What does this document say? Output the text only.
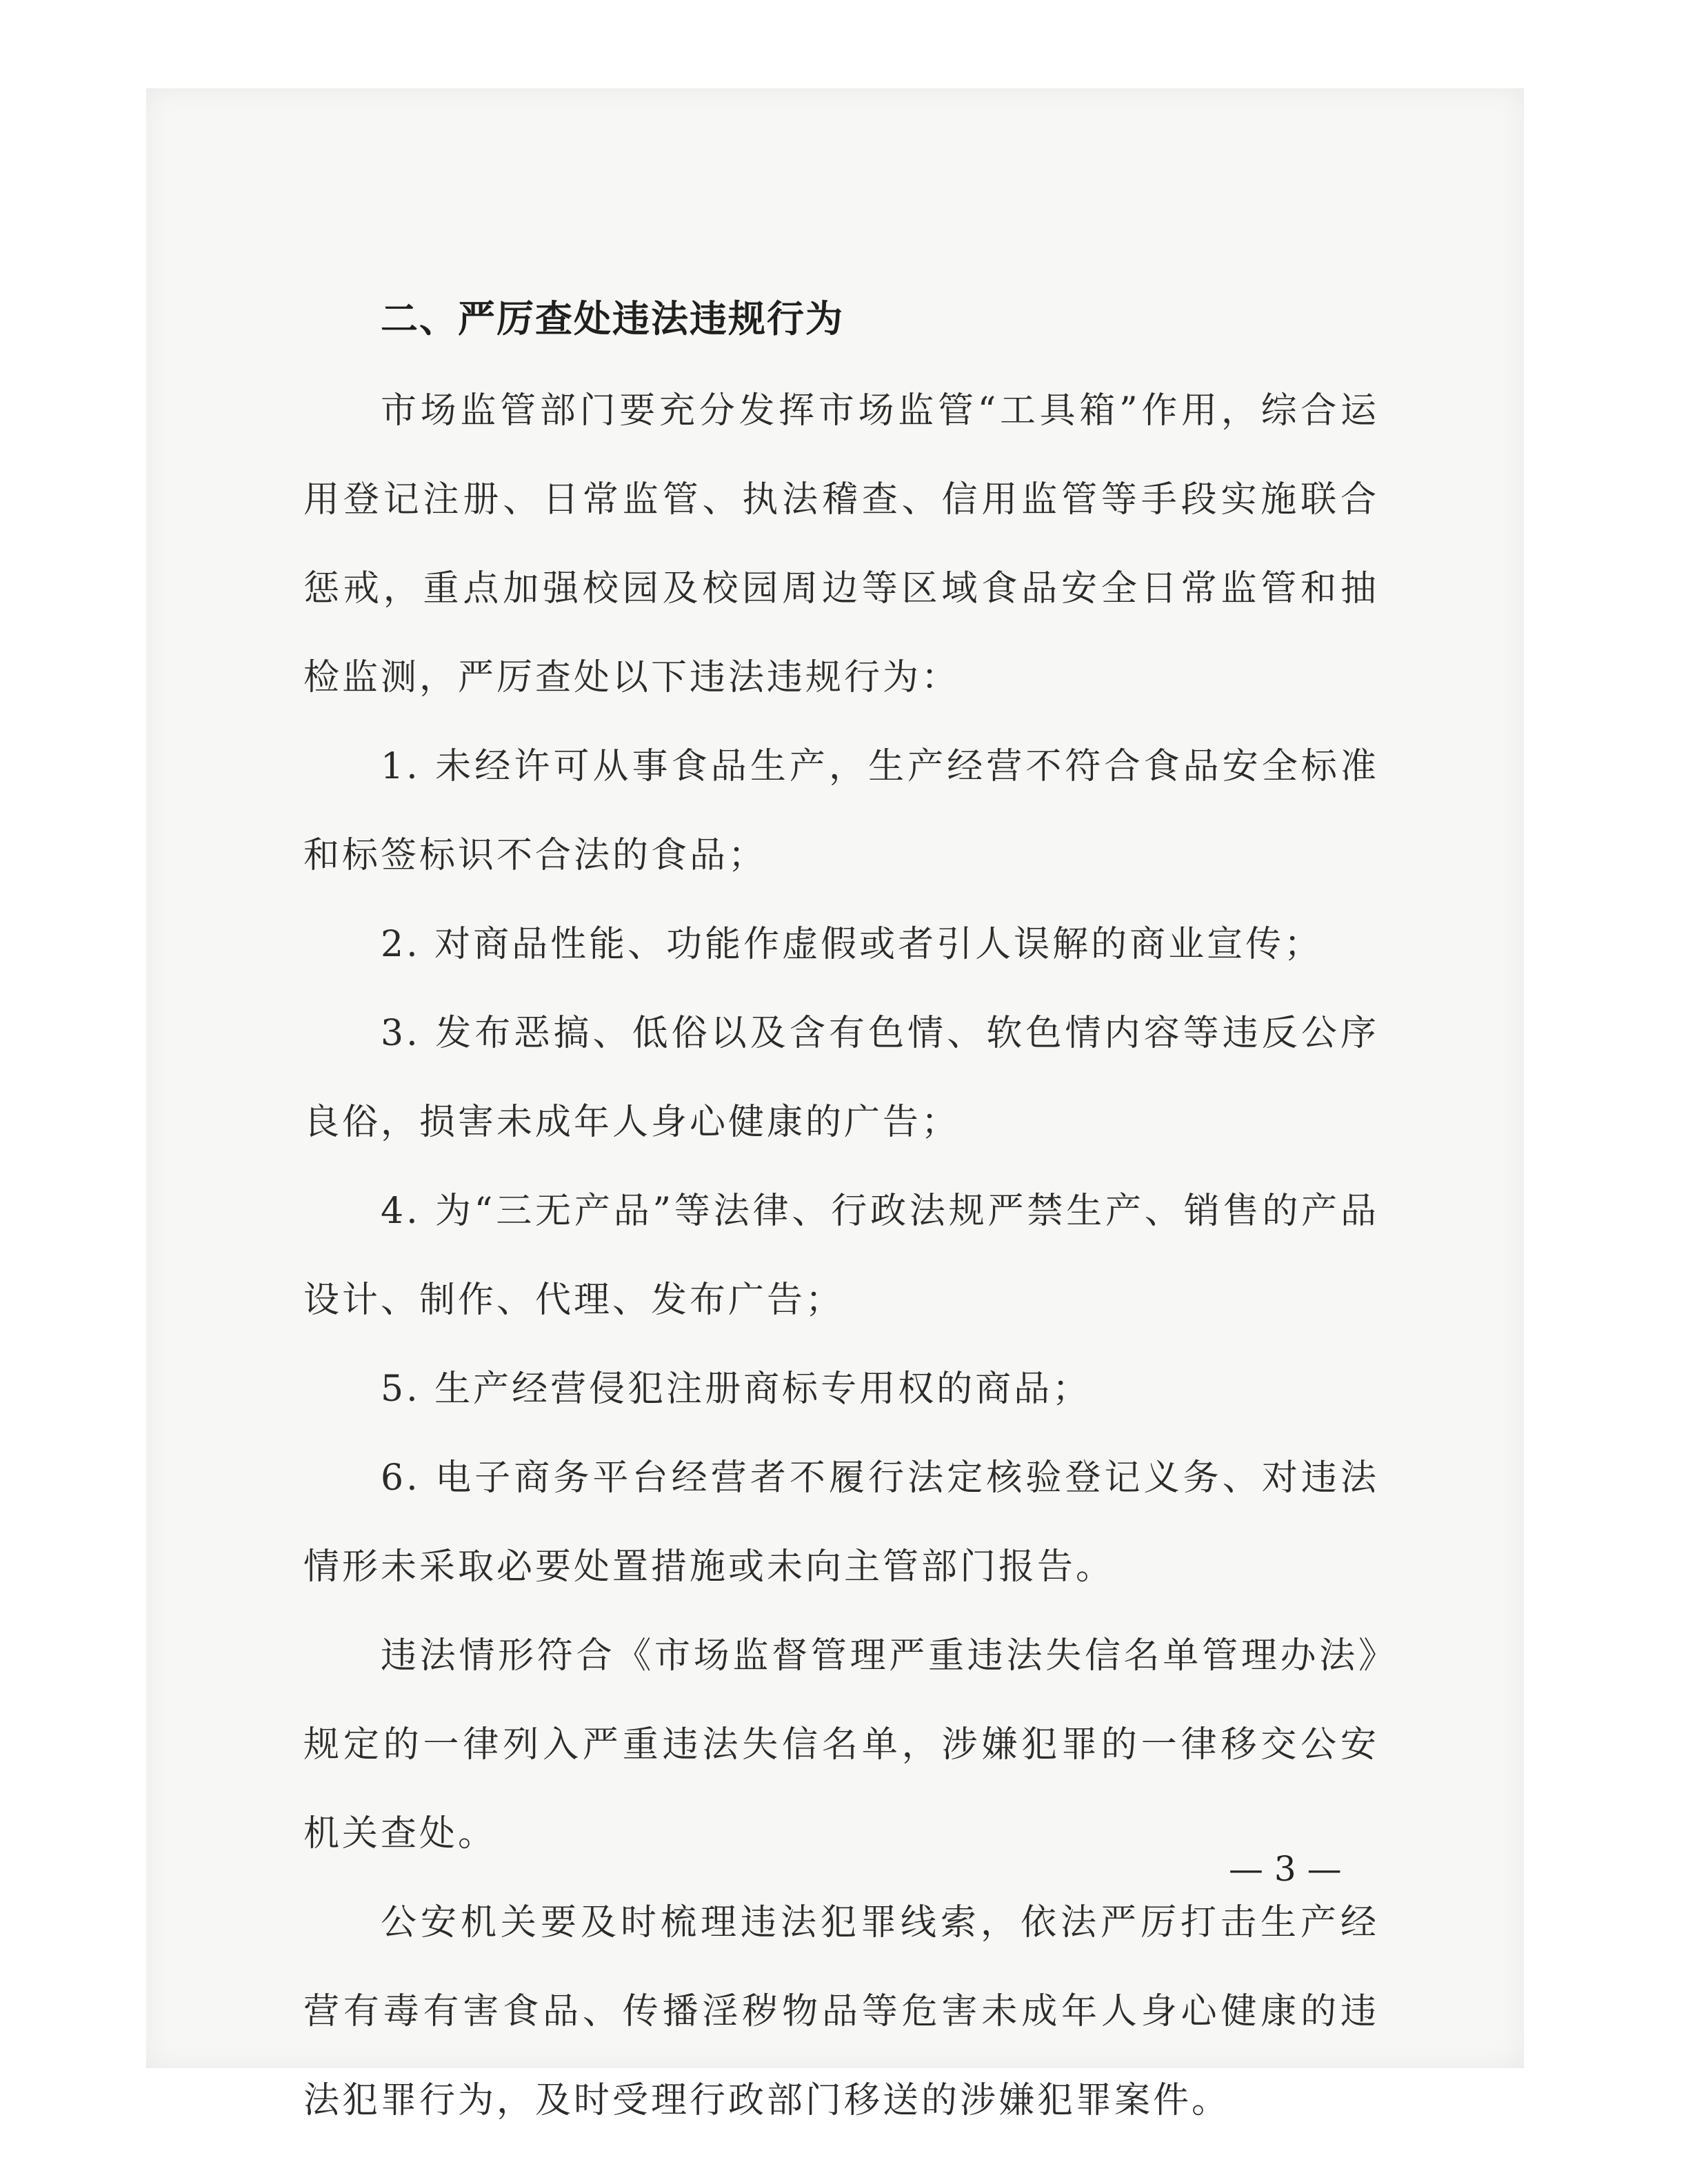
二、严厉查处违法违规行为

市场监管部门要充分发挥市场监管“工具箱”作用，综合运用登记注册、日常监管、执法稽查、信用监管等手段实施联合惩戒，重点加强校园及校园周边等区域食品安全日常监管和抽检监测，严厉查处以下违法违规行为：

1. 未经许可从事食品生产，生产经营不符合食品安全标准和标签标识不合法的食品；

2. 对商品性能、功能作虚假或者引人误解的商业宣传；

3. 发布恶搞、低俗以及含有色情、软色情内容等违反公序良俗，损害未成年人身心健康的广告；

4. 为“三无产品”等法律、行政法规严禁生产、销售的产品设计、制作、代理、发布广告；

5. 生产经营侵犯注册商标专用权的商品；

6. 电子商务平台经营者不履行法定核验登记义务、对违法情形未采取必要处置措施或未向主管部门报告。

违法情形符合《市场监督管理严重违法失信名单管理办法》规定的一律列入严重违法失信名单，涉嫌犯罪的一律移交公安机关查处。

公安机关要及时梳理违法犯罪线索，依法严厉打击生产经营有毒有害食品、传播淫秽物品等危害未成年人身心健康的违法犯罪行为，及时受理行政部门移送的涉嫌犯罪案件。

— 3 —
